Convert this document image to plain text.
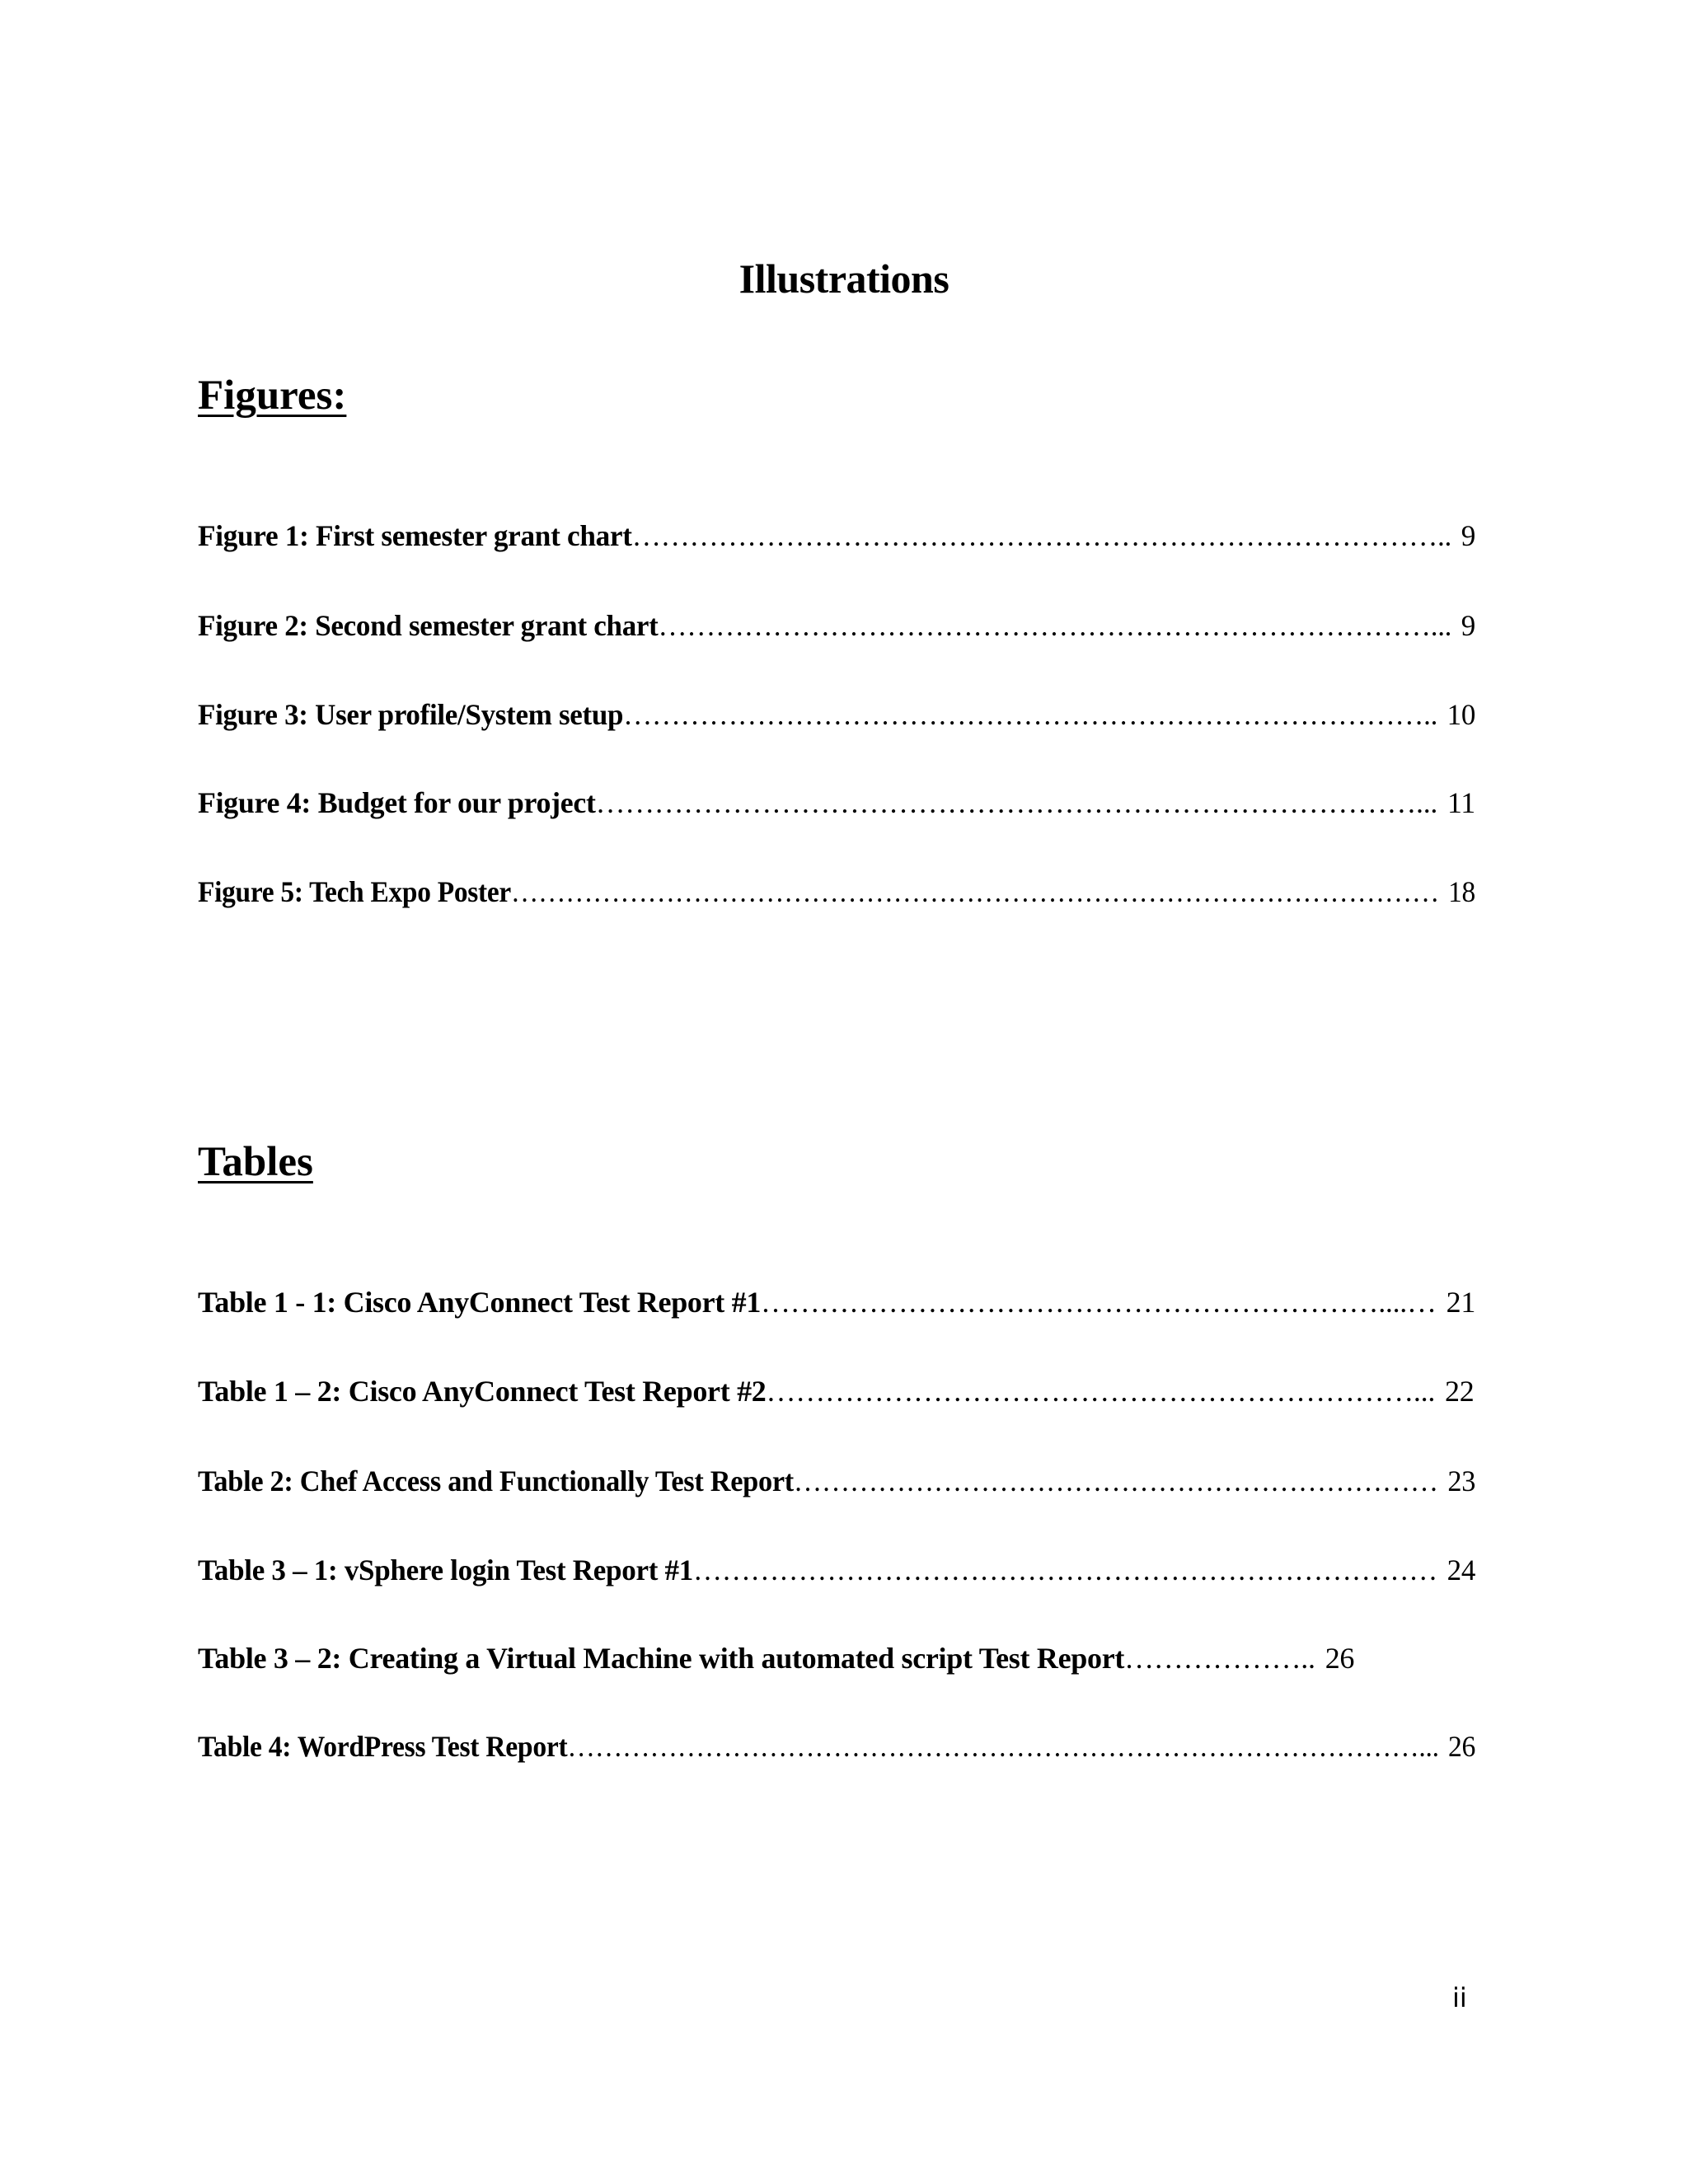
Illustrations
Figures:
Figure 1: First semester grant chart………………………………………………………………………….. 9
Figure 2: Second semester grant chart………………………………………………………………………... 9
Figure 3: User profile/System setup………………………………………………………………………….. 10
Figure 4: Budget for our project…………………………………………………………………………... 11
Figure 5: Tech Expo Poster………………………………………………………………………………………… 18
Tables
Table 1 - 1: Cisco AnyConnect Test Report #1………………………………………………………....… 21
Table 1 – 2: Cisco AnyConnect Test Report #2…………………………………………………………... 22
Table 2: Chef Access and Functionally Test Report…………………………………………………………… 23
Table 3 – 1: vSphere login Test Report #1…………………………………………………………………… 24
Table 3 – 2: Creating a Virtual Machine with automated script Test Report……………….. 26
Table 4: WordPress Test Report…………………………………………………………………………………... 26
ii
